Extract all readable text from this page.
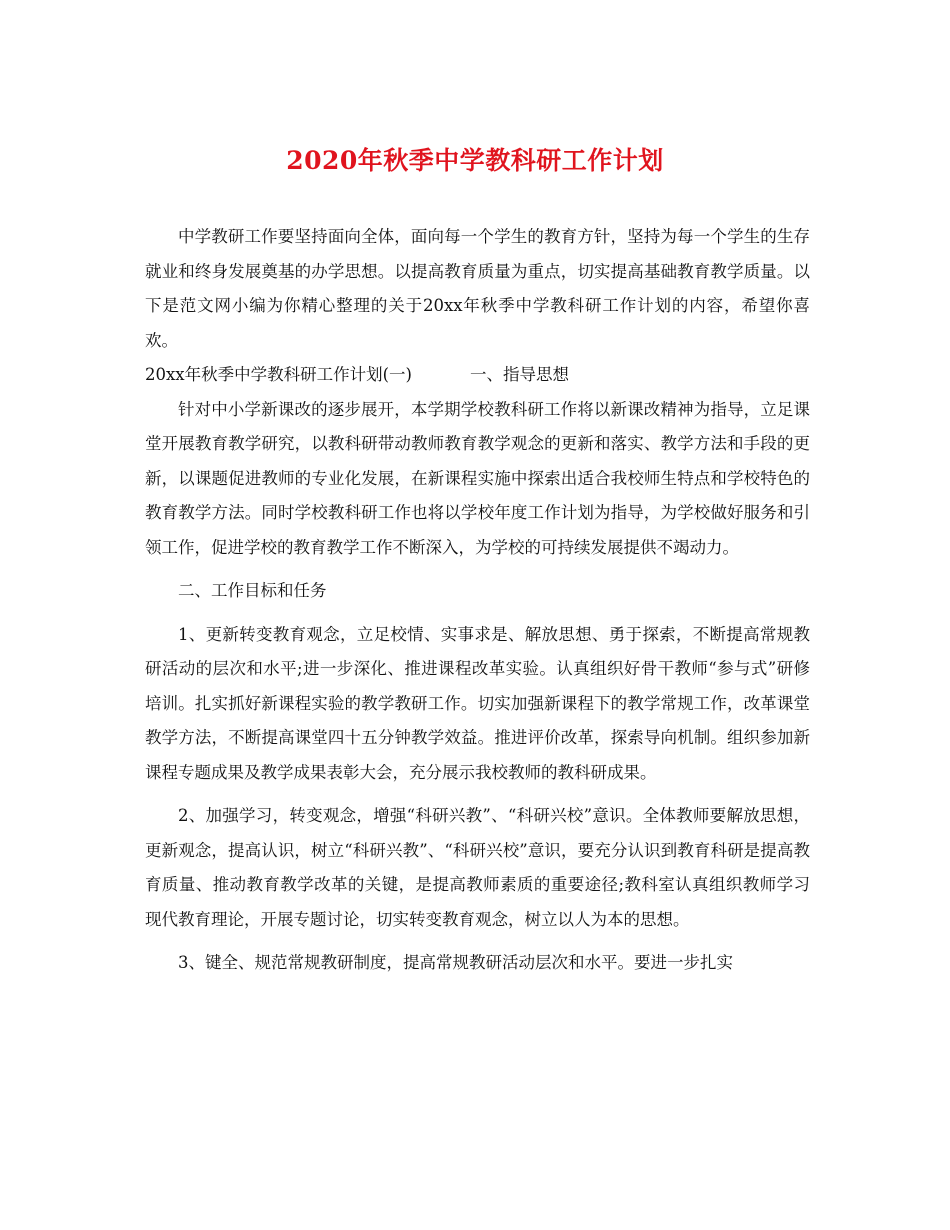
2020年秋季中学教科研工作计划

中学教研工作要坚持面向全体，面向每一个学生的教育方针，坚持为每一个学生的生存就业和终身发展奠基的办学思想。以提高教育质量为重点，切实提高基础教育教学质量。以下是范文网小编为你精心整理的关于20xx年秋季中学教科研工作计划的内容，希望你喜欢。

20xx年秋季中学教科研工作计划(一)	一、指导思想

针对中小学新课改的逐步展开，本学期学校教科研工作将以新课改精神为指导，立足课堂开展教育教学研究，以教科研带动教师教育教学观念的更新和落实、教学方法和手段的更新，以课题促进教师的专业化发展，在新课程实施中探索出适合我校师生特点和学校特色的教育教学方法。同时学校教科研工作也将以学校年度工作计划为指导，为学校做好服务和引领工作，促进学校的教育教学工作不断深入，为学校的可持续发展提供不竭动力。

二、工作目标和任务

1、更新转变教育观念，立足校情、实事求是、解放思想、勇于探索，不断提高常规教研活动的层次和水平;进一步深化、推进课程改革实验。认真组织好骨干教师“参与式”研修培训。扎实抓好新课程实验的教学教研工作。切实加强新课程下的教学常规工作，改革课堂教学方法，不断提高课堂四十五分钟教学效益。推进评价改革，探索导向机制。组织参加新课程专题成果及教学成果表彰大会，充分展示我校教师的教科研成果。

2、加强学习，转变观念，增强“科研兴教”、“科研兴校”意识。全体教师要解放思想，更新观念，提高认识，树立“科研兴教”、“科研兴校”意识，要充分认识到教育科研是提高教育质量、推动教育教学改革的关键，是提高教师素质的重要途径;教科室认真组织教师学习现代教育理论，开展专题讨论，切实转变教育观念，树立以人为本的思想。

3、键全、规范常规教研制度，提高常规教研活动层次和水平。要进一步扎实
